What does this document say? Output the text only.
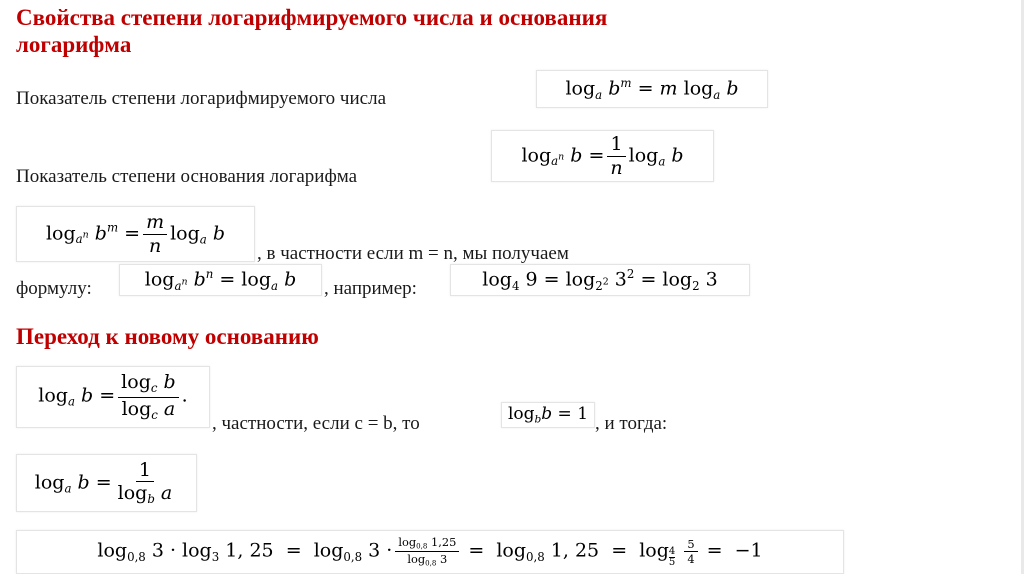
Свойства степени логарифмируемого числа и основания
логарифма
Показатель степени логарифмируемого числа	$\log_a b^m = m$ $\log_a b$
Показатель степени основания логарифма
$\log_{a^n} b = \frac{1}{n} \log_a b$
$\log_{a^n} b^m = \frac{m}{n} \log_a b$
, в частности если m = n, мы получаем
формулу:	$\log_{a^n} b^n = \log_a b$ , например:	$\log_4 9 = \log_{2^2} 3^2 = \log_2 3$
Переход к новому основанию
$\log_a b = \frac{\log_c b}{\log_c a}$ .
, частности, если c = b, то	$\log_bb = 1$ , и тогда:
$\log_a b = \frac{1}{\log_b a}$
$\log_{0,8} 3 \cdot \log_3 1$, $25 = \log_{0,8} 3 \cdot \frac{\log_{0,8} 1,25}{\log_{0,8} 3} = \log_{0,8} 1$, 25  =  log $_{\frac{4}{5}}$
$\frac{5}{4} = -1$
